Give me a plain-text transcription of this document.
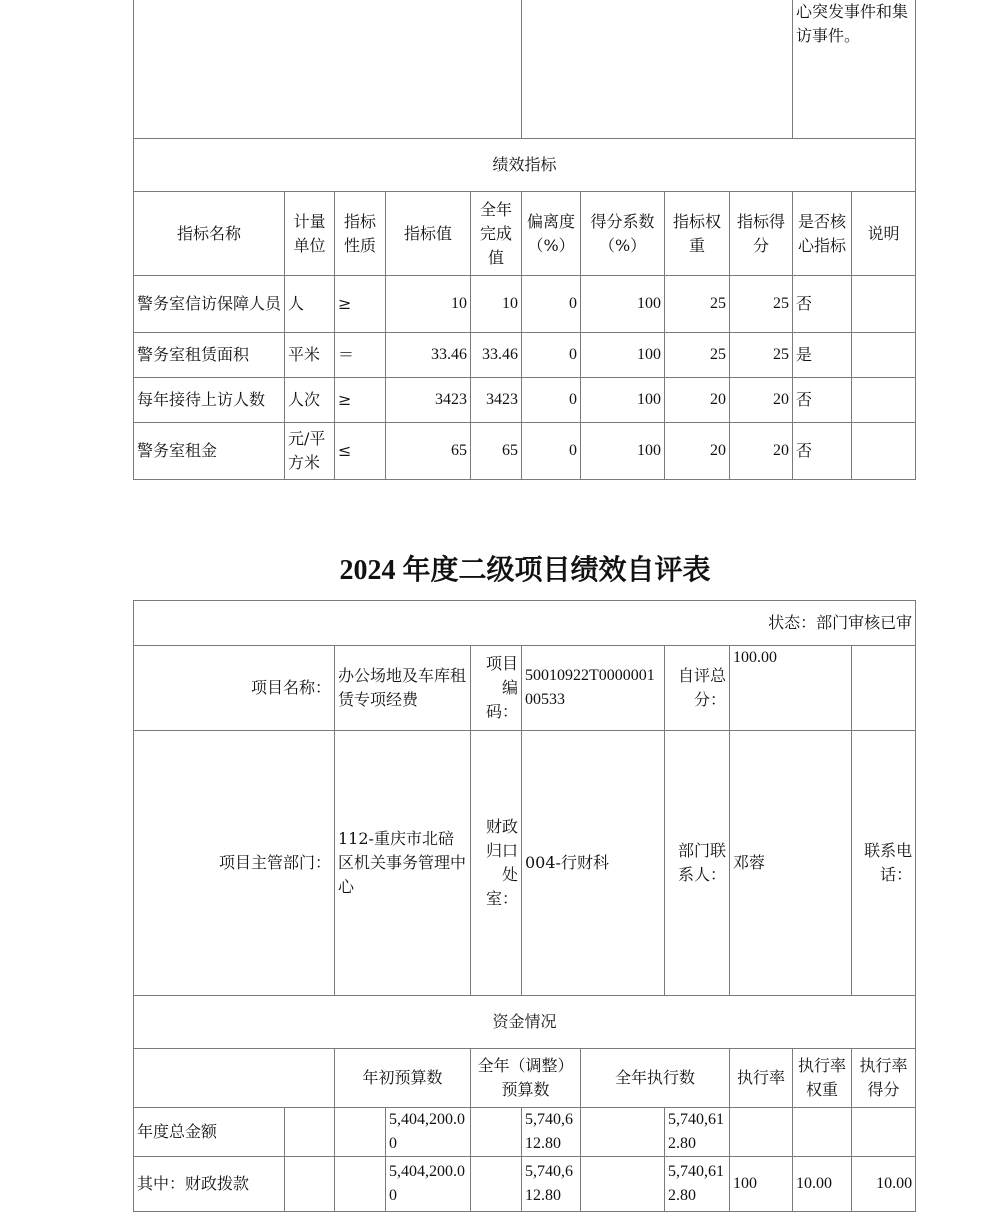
									心突发事件和集访事件。	
绩效指标										
指标名称	计量单位	指标性质	指标值	全年完成值	偏离度（%）	得分系数（%）	指标权重	指标得分	是否核心指标	说明
警务室信访保障人员	人	≥	10	10	0	100	25	25	否	
警务室租赁面积	平米	＝	33.46	33.46	0	100	25	25	是	
每年接待上访人数	人次	≥	3423	3423	0	100	20	20	否	
警务室租金	元/平方米	≤	65	65	0	100	20	20	否	
2024 年度二级项目绩效自评表
状态：部门审核已审											
项目名称：		办公场地及车库租赁专项经费		项目编码：	50010922T000000100533		自评总分：	100.00			
项目主管部门：		112-重庆市北碚区机关事务管理中心		财政归口处室：	004-行财科		部门联系人：	邓蓉		联系电话：	
资金情况											
		年初预算数		全年（调整）预算数		全年执行数		执行率	执行率权重	执行率得分	
年度总金额			5,404,200.00		5,740,612.80		5,740,612.80				
其中：财政拨款			5,404,200.00		5,740,612.80		5,740,612.80	100	10.00	10.00	
